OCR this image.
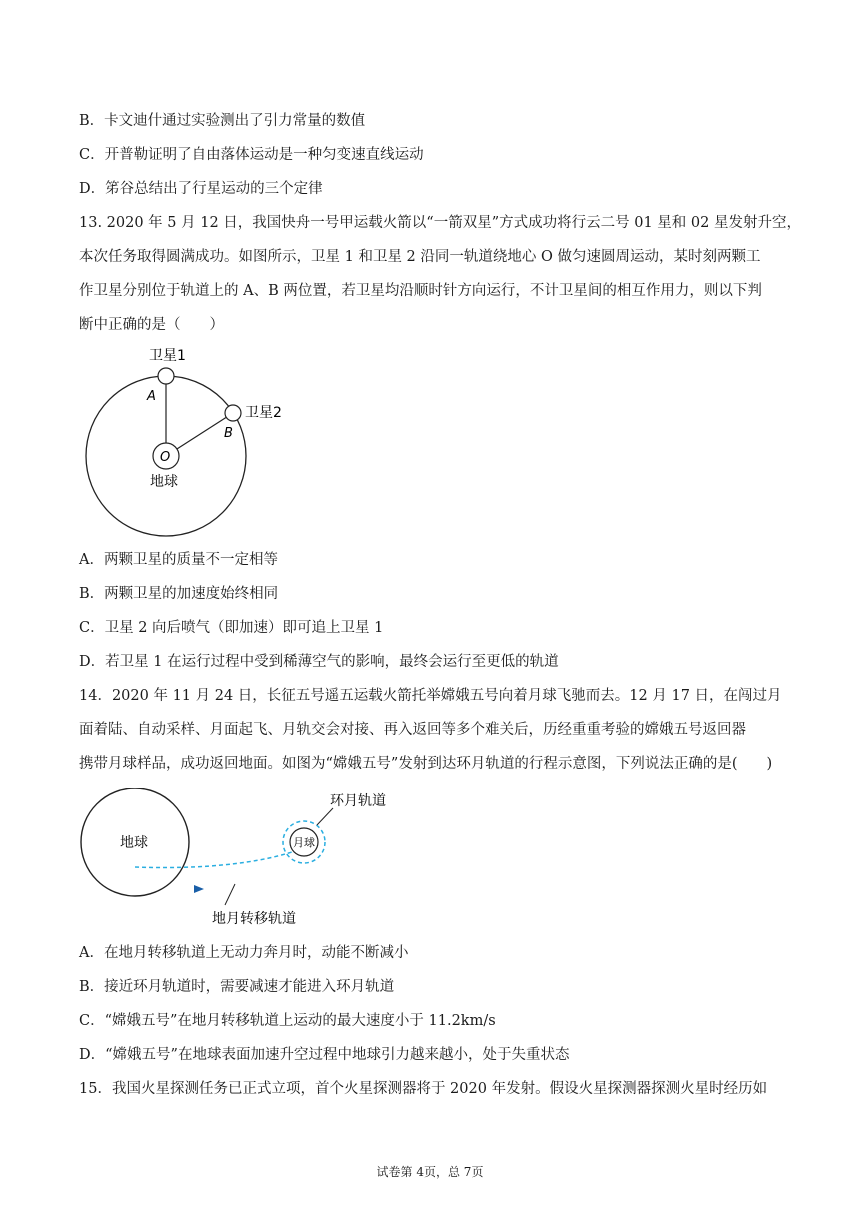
B．卡文迪什通过实验测出了引力常量的数值
C．开普勒证明了自由落体运动是一种匀变速直线运动
D．笫谷总结出了行星运动的三个定律
13. 2020 年 5 月 12 日，我国快舟一号甲运载火箭以“一箭双星”方式成功将行云二号 01 星和 02 星发射升空，
本次任务取得圆满成功。如图所示，卫星 1 和卫星 2 沿同一轨道绕地心 O 做匀速圆周运动，某时刻两颗工
作卫星分别位于轨道上的 A、B 两位置，若卫星均沿顺时针方向运行，不计卫星间的相互作用力，则以下判
断中正确的是（　　）
卫星1
卫星2
A
B
O
地球
A．两颗卫星的质量不一定相等
B．两颗卫星的加速度始终相同
C．卫星 2 向后喷气（即加速）即可追上卫星 1
D．若卫星 1 在运行过程中受到稀薄空气的影响，最终会运行至更低的轨道
14．2020 年 11 月 24 日，长征五号遥五运载火箭托举嫦娥五号向着月球飞驰而去。12 月 17 日，在闯过月
面着陆、自动采样、月面起飞、月轨交会对接、再入返回等多个难关后，历经重重考验的嫦娥五号返回器
携带月球样品，成功返回地面。如图为“嫦娥五号”发射到达环月轨道的行程示意图，下列说法正确的是(　　)
地球	月球
环月轨道
地月转移轨道
A．在地月转移轨道上无动力奔月时，动能不断减小
B．接近环月轨道时，需要减速才能进入环月轨道
C．“嫦娥五号”在地月转移轨道上运动的最大速度小于 11.2km/s
D．“嫦娥五号”在地球表面加速升空过程中地球引力越来越小，处于失重状态
15．我国火星探测任务已正式立项，首个火星探测器将于 2020 年发射。假设火星探测器探测火星时经历如
试卷第 4页，总 7页
